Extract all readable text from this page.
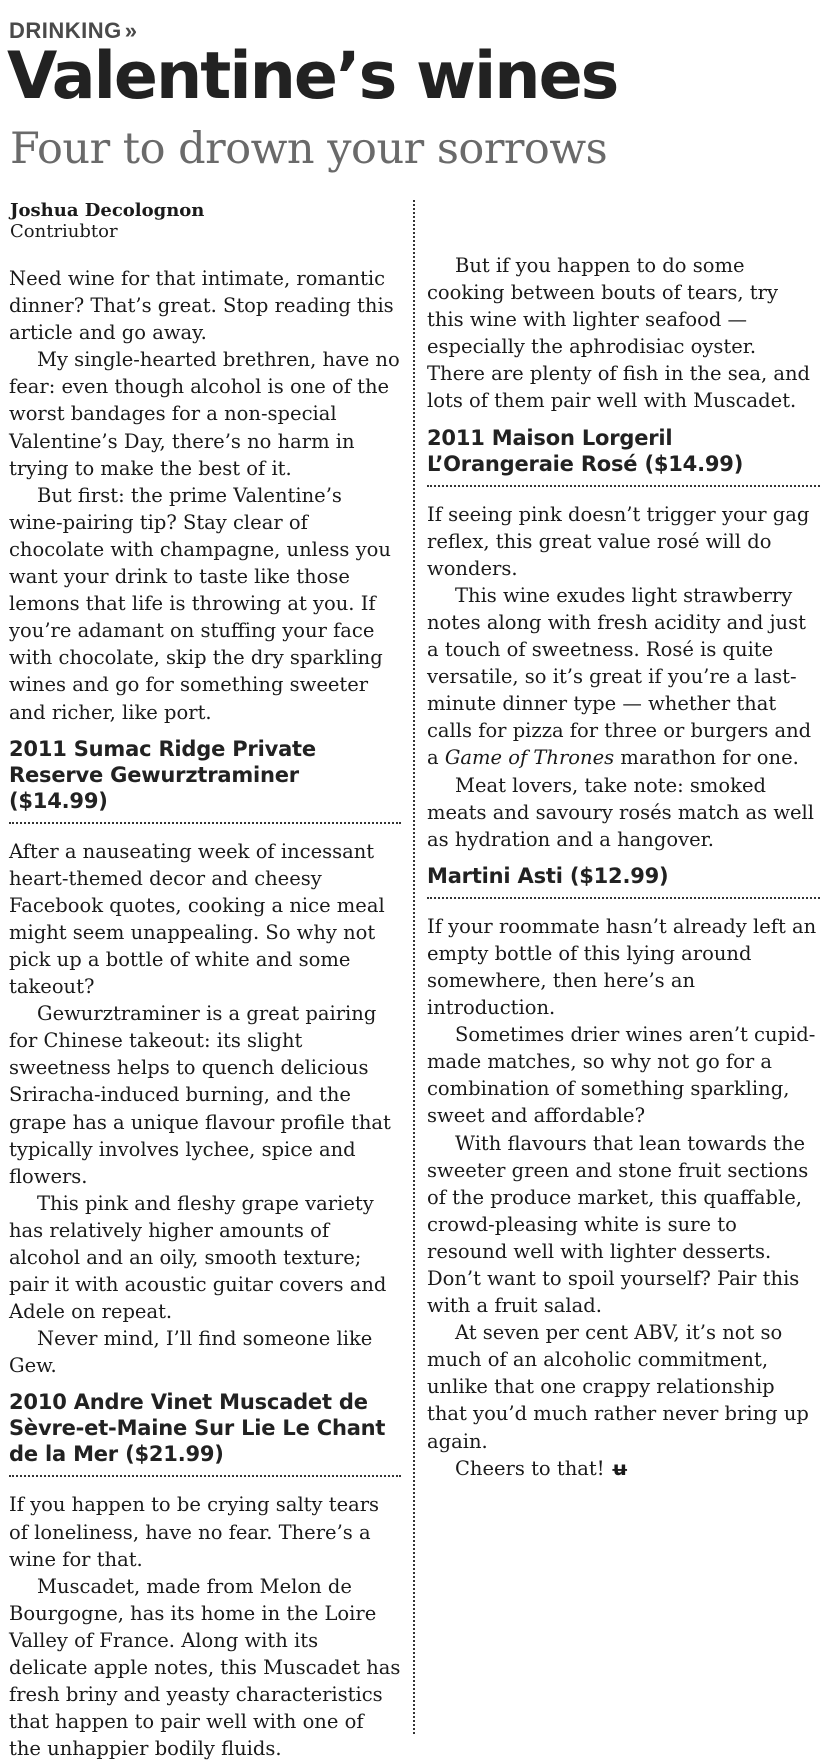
DRINKING »
Valentine’s wines
Four to drown your sorrows
Joshua Decolognon
Contriubtor

Need wine for that intimate, romantic dinner? That’s great. Stop reading this article and go away.

My single-hearted brethren, have no fear: even though alcohol is one of the worst bandages for a non-special Valentine’s Day, there’s no harm in trying to make the best of it.

But first: the prime Valentine’s wine-pairing tip? Stay clear of chocolate with champagne, unless you want your drink to taste like those lemons that life is throwing at you. If you’re adamant on stuffing your face with chocolate, skip the dry sparkling wines and go for something sweeter and richer, like port.

2011 Sumac Ridge Private Reserve Gewurztraminer ($14.99)

After a nauseating week of incessant heart-themed decor and cheesy Facebook quotes, cooking a nice meal might seem unappealing. So why not pick up a bottle of white and some takeout?

Gewurztraminer is a great pairing for Chinese takeout: its slight sweetness helps to quench delicious Sriracha-induced burning, and the grape has a unique flavour profile that typically involves lychee, spice and flowers.

This pink and fleshy grape variety has relatively higher amounts of alcohol and an oily, smooth texture; pair it with acoustic guitar covers and Adele on repeat.

Never mind, I’ll find someone like Gew.

2010 Andre Vinet Muscadet de Sèvre-et-Maine Sur Lie Le Chant de la Mer ($21.99)

If you happen to be crying salty tears of loneliness, have no fear. There’s a wine for that.

Muscadet, made from Melon de Bourgogne, has its home in the Loire Valley of France. Along with its delicate apple notes, this Muscadet has fresh briny and yeasty characteristics that happen to pair well with one of the unhappier bodily fluids.

But if you happen to do some cooking between bouts of tears, try this wine with lighter seafood — especially the aphrodisiac oyster. There are plenty of fish in the sea, and lots of them pair well with Muscadet.

2011 Maison Lorgeril L’Orangeraie Rosé ($14.99)

If seeing pink doesn’t trigger your gag reflex, this great value rosé will do wonders.

This wine exudes light strawberry notes along with fresh acidity and just a touch of sweetness. Rosé is quite versatile, so it’s great if you’re a last-minute dinner type — whether that calls for pizza for three or burgers and a Game of Thrones marathon for one.

Meat lovers, take note: smoked meats and savoury rosés match as well as hydration and a hangover.

Martini Asti ($12.99)

If your roommate hasn’t already left an empty bottle of this lying around somewhere, then here’s an introduction.

Sometimes drier wines aren’t cupid-made matches, so why not go for a combination of something sparkling, sweet and affordable?

With flavours that lean towards the sweeter green and stone fruit sections of the produce market, this quaffable, crowd-pleasing white is sure to resound well with lighter desserts. Don’t want to spoil yourself? Pair this with a fruit salad.

At seven per cent ABV, it’s not so much of an alcoholic commitment, unlike that one crappy relationship that you’d much rather never bring up again.

Cheers to that! ʉ
